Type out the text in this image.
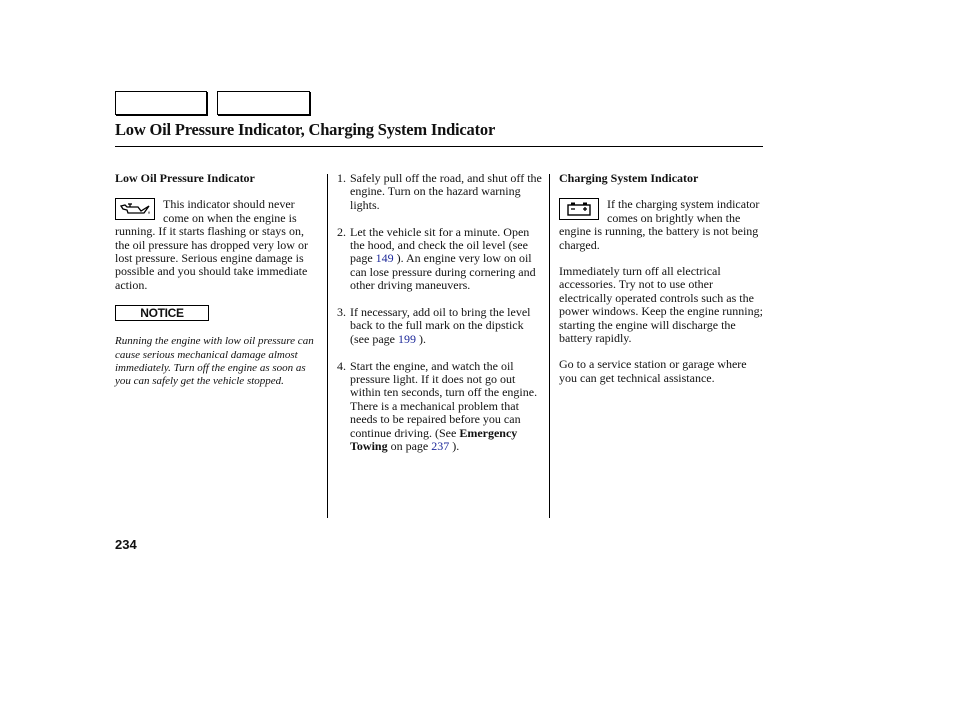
Low Oil Pressure Indicator, Charging System Indicator

Low Oil Pressure Indicator

This indicator should never come on when the engine is running. If it starts flashing or stays on, the oil pressure has dropped very low or lost pressure. Serious engine damage is possible and you should take immediate action.

NOTICE

Running the engine with low oil pressure can cause serious mechanical damage almost immediately. Turn off the engine as soon as you can safely get the vehicle stopped.

1. Safely pull off the road, and shut off the engine. Turn on the hazard warning lights.
2. Let the vehicle sit for a minute. Open the hood, and check the oil level (see page 149 ). An engine very low on oil can lose pressure during cornering and other driving maneuvers.
3. If necessary, add oil to bring the level back to the full mark on the dipstick (see page 199 ).
4. Start the engine, and watch the oil pressure light. If it does not go out within ten seconds, turn off the engine. There is a mechanical problem that needs to be repaired before you can continue driving. (See Emergency Towing on page 237 ).

Charging System Indicator

If the charging system indicator comes on brightly when the engine is running, the battery is not being charged.

Immediately turn off all electrical accessories. Try not to use other electrically operated controls such as the power windows. Keep the engine running; starting the engine will discharge the battery rapidly.

Go to a service station or garage where you can get technical assistance.

234
